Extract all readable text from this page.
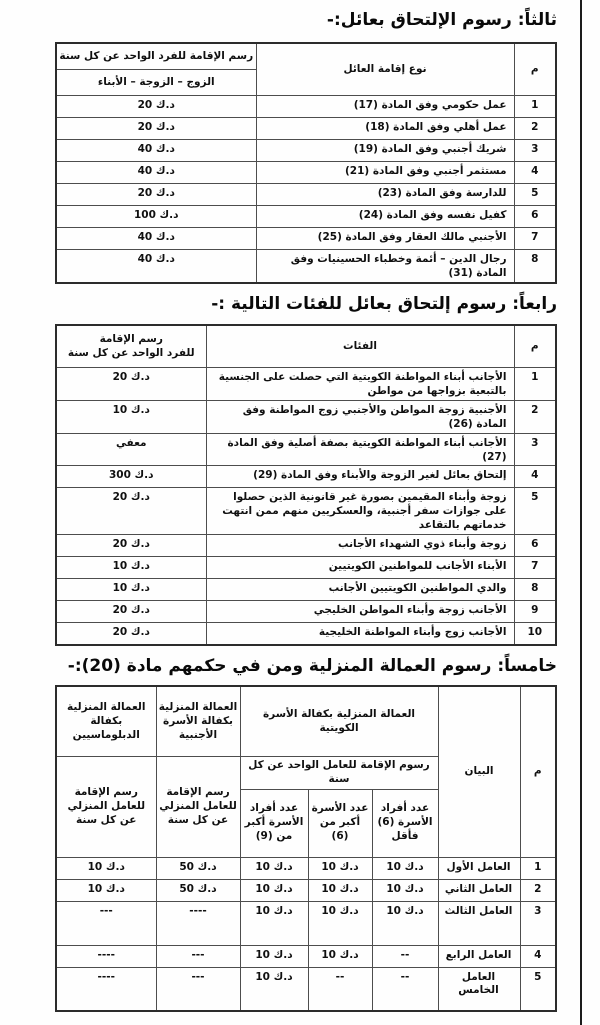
ثالثاً: رسوم الإلتحاق بعائل:-
م	نوع إقامة العائل	رسم الإقامة للفرد الواحد عن كل سنة
		الزوج – الزوجة – الأبناء
1	عمل حكومي وفق المادة (17)	20 د.ك
2	عمل أهلي وفق المادة (18)	20 د.ك
3	شريك أجنبي وفق المادة (19)	40 د.ك
4	مستثمر أجنبي وفق المادة (21)	40 د.ك
5	للدارسة وفق المادة (23)	20 د.ك
6	كفيل نفسه وفق المادة (24)	100 د.ك
7	الأجنبي مالك العقار وفق المادة (25)	40 د.ك
8	رجال الدين – أئمة وخطباء الحسينيات وفق المادة (31)	40 د.ك
رابعاً: رسوم إلتحاق بعائل للفئات التالية :-
م	الفئات	رسم الإقامة
للفرد الواحد عن كل سنة

1	الأجانب أبناء المواطنة الكويتية التي حصلت على الجنسية بالتبعية بزواجها من مواطن	20 د.ك
2	الأجنبية زوجة المواطن والأجنبي زوج المواطنة وفق المادة (26)	10 د.ك
3	الأجانب أبناء المواطنة الكويتية بصفة أصلية وفق المادة (27)	معفي
4	إلتحاق بعائل لغير الزوجة والأبناء وفق المادة (29)	300 د.ك
5	زوجة وأبناء المقيمين بصورة غير قانونية الذين حصلوا على جوازات سفر أجنبية، والعسكريين منهم ممن انتهت خدماتهم بالتقاعد	20 د.ك
6	زوجة وأبناء ذوي الشهداء الأجانب	20 د.ك
7	الأبناء الأجانب للمواطنين الكويتيين	10 د.ك
8	والدي المواطنين الكويتيين الأجانب	10 د.ك
9	الأجانب زوجة وأبناء المواطن الخليجي	20 د.ك
10	الأجانب زوج وأبناء المواطنة الخليجية	20 د.ك
خامساً: رسوم العمالة المنزلية ومن في حكمهم مادة (20):-
م	البيان	العمالة المنزلية بكفالة الأسرة الكويتية			العمالة المنزلية بكفالة الأسرة الأجنبية	العمالة المنزلية بكفالة الدبلوماسيين
		رسوم الإقامة للعامل الواحد عن كل سنة			رسم الإقامة للعامل المنزلي عن كل سنة	رسم الإقامة للعامل المنزلي عن كل سنة
		عدد أفراد الأسرة (6) فأقل	عدد الأسرة أكبر من (6)	عدد أفراد الأسرة أكبر من (9)		
1	العامل الأول	10 د.ك	10 د.ك	10 د.ك	50 د.ك	10 د.ك
2	العامل الثاني	10 د.ك	10 د.ك	10 د.ك	50 د.ك	10 د.ك
3	العامل الثالث	10 د.ك	10 د.ك	10 د.ك	----	---
4	العامل الرابع	--	10 د.ك	10 د.ك	---	----
5	العامل الخامس	--	--	10 د.ك	---	----
